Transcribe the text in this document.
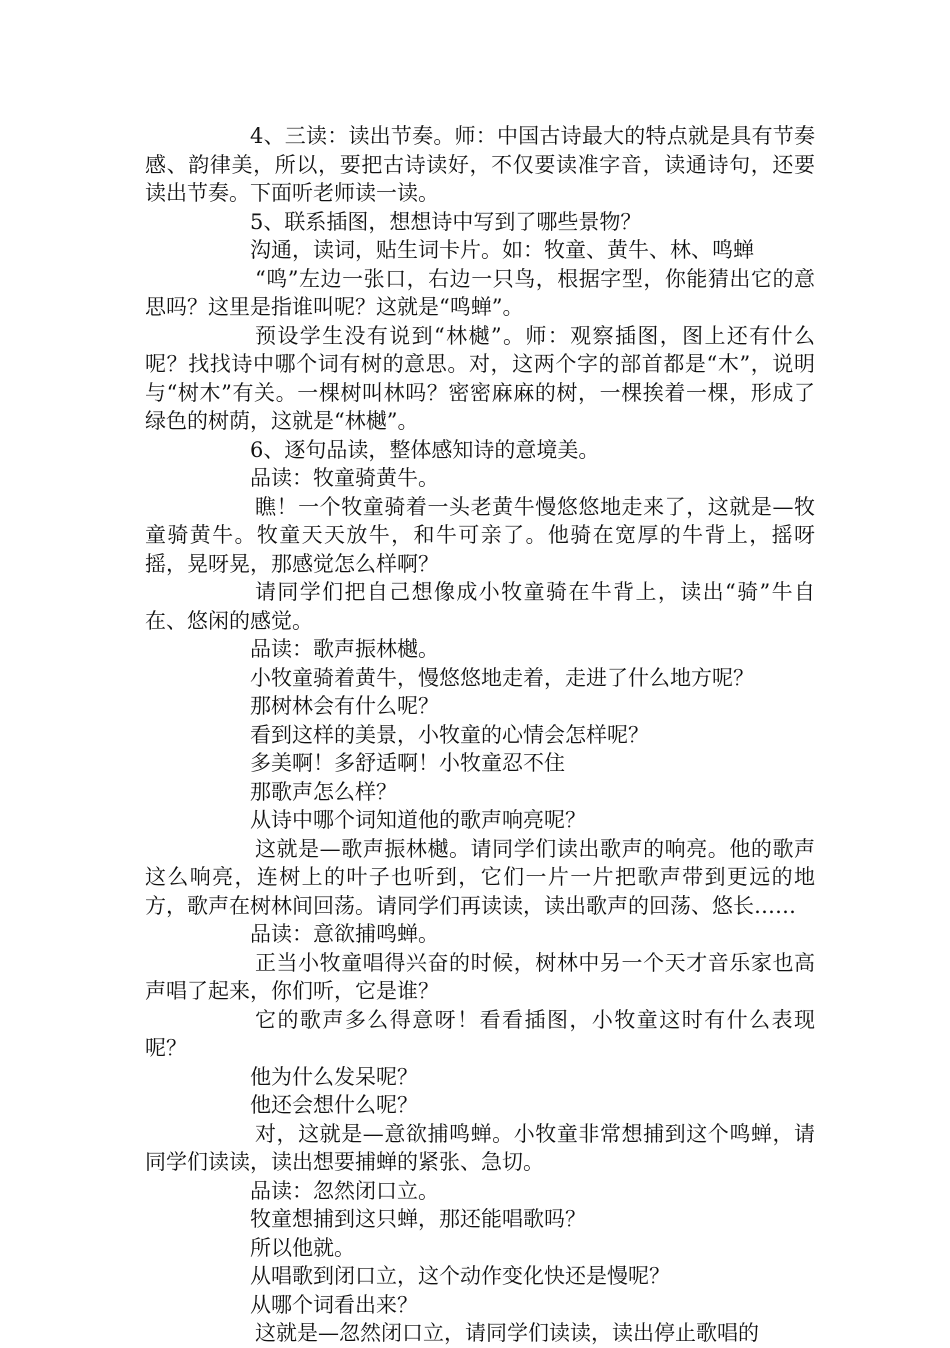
4、三读：读出节奏。师：中国古诗最大的特点就是具有节奏感、韵律美，所以，要把古诗读好，不仅要读准字音，读通诗句，还要读出节奏。下面听老师读一读。

5、联系插图，想想诗中写到了哪些景物？

沟通，读词，贴生词卡片。如：牧童、黄牛、林、鸣蝉

“鸣”左边一张口，右边一只鸟，根据字型，你能猜出它的意思吗？这里是指谁叫呢？这就是“鸣蝉”。

预设学生没有说到“林樾”。师：观察插图，图上还有什么呢？找找诗中哪个词有树的意思。对，这两个字的部首都是“木”，说明与“树木”有关。一棵树叫林吗？密密麻麻的树，一棵挨着一棵，形成了绿色的树荫，这就是“林樾”。

6、逐句品读，整体感知诗的意境美。

品读：牧童骑黄牛。

瞧！一个牧童骑着一头老黄牛慢悠悠地走来了，这就是—牧童骑黄牛。牧童天天放牛，和牛可亲了。他骑在宽厚的牛背上，摇呀摇，晃呀晃，那感觉怎么样啊？

请同学们把自己想像成小牧童骑在牛背上，读出“骑”牛自在、悠闲的感觉。

品读：歌声振林樾。

小牧童骑着黄牛，慢悠悠地走着，走进了什么地方呢？

那树林会有什么呢？

看到这样的美景，小牧童的心情会怎样呢？

多美啊！多舒适啊！小牧童忍不住

那歌声怎么样？

从诗中哪个词知道他的歌声响亮呢？

这就是—歌声振林樾。请同学们读出歌声的响亮。他的歌声这么响亮，连树上的叶子也听到，它们一片一片把歌声带到更远的地方，歌声在树林间回荡。请同学们再读读，读出歌声的回荡、悠长……

品读：意欲捕鸣蝉。

正当小牧童唱得兴奋的时候，树林中另一个天才音乐家也高声唱了起来，你们听，它是谁？

它的歌声多么得意呀！看看插图，小牧童这时有什么表现呢？

他为什么发呆呢？

他还会想什么呢？

对，这就是—意欲捕鸣蝉。小牧童非常想捕到这个鸣蝉，请同学们读读，读出想要捕蝉的紧张、急切。

品读：忽然闭口立。

牧童想捕到这只蝉，那还能唱歌吗？

所以他就。

从唱歌到闭口立，这个动作变化快还是慢呢？

从哪个词看出来？

这就是—忽然闭口立，请同学们读读，读出停止歌唱的
